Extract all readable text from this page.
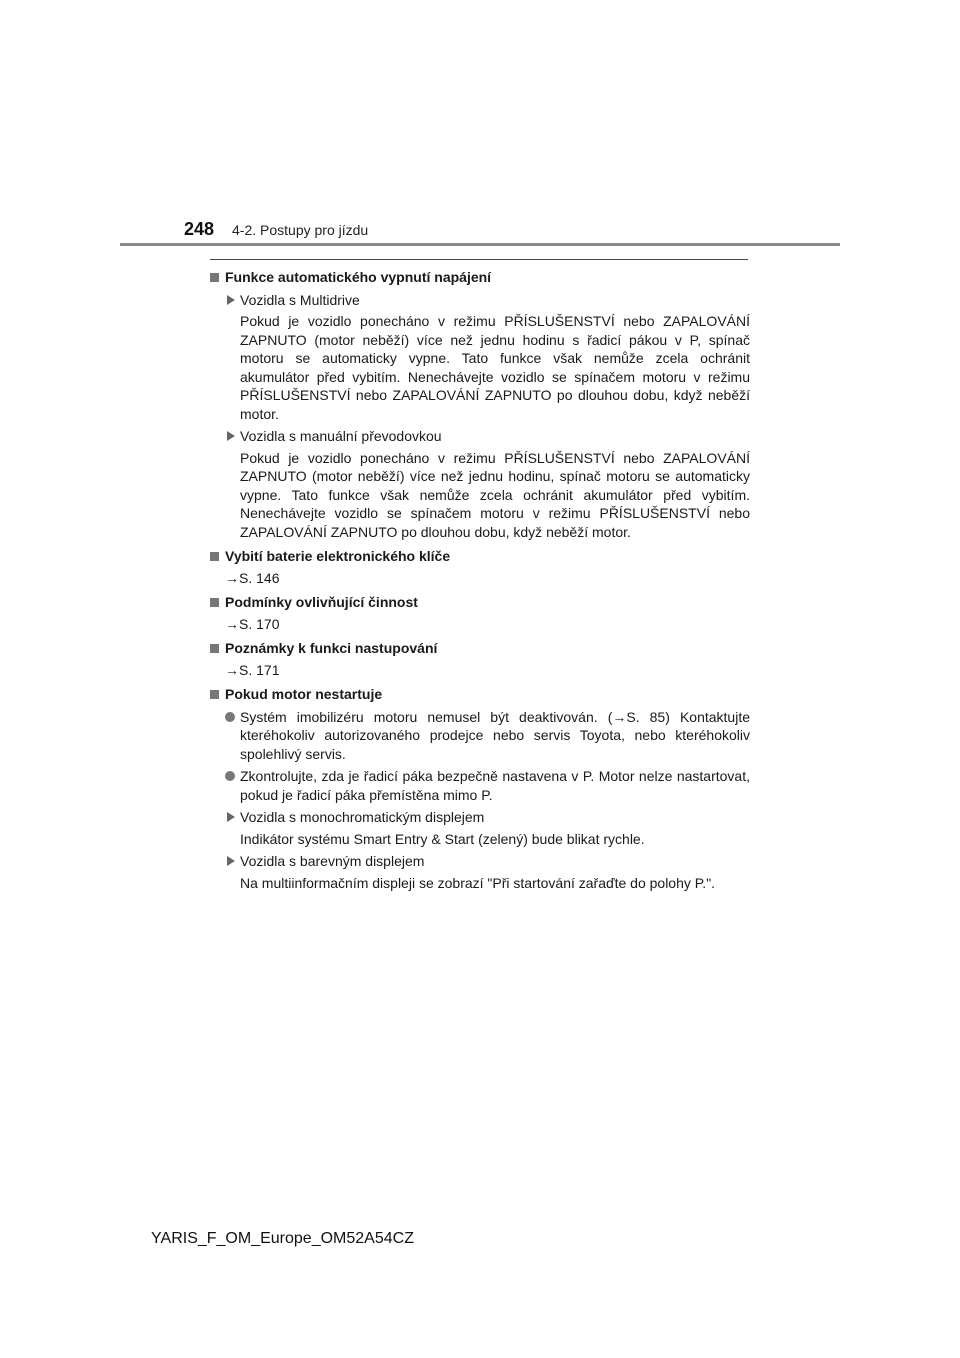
248 4-2. Postupy pro jízdu
Funkce automatického vypnutí napájení
Vozidla s Multidrive
Pokud je vozidlo ponecháno v režimu PŘÍSLUŠENSTVÍ nebo ZAPALOVÁNÍ ZAPNUTO (motor neběží) více než jednu hodinu s řadicí pákou v P, spínač motoru se automaticky vypne. Tato funkce však nemůže zcela ochránit akumulátor před vybitím. Nenechávejte vozidlo se spínačem motoru v režimu PŘÍSLUŠENSTVÍ nebo ZAPALOVÁNÍ ZAPNUTO po dlouhou dobu, když neběží motor.
Vozidla s manuální převodovkou
Pokud je vozidlo ponecháno v režimu PŘÍSLUŠENSTVÍ nebo ZAPALOVÁNÍ ZAPNUTO (motor neběží) více než jednu hodinu, spínač motoru se automaticky vypne. Tato funkce však nemůže zcela ochránit akumulátor před vybitím. Nenechávejte vozidlo se spínačem motoru v režimu PŘÍSLUŠENSTVÍ nebo ZAPALOVÁNÍ ZAPNUTO po dlouhou dobu, když neběží motor.
Vybití baterie elektronického klíče
→S. 146
Podmínky ovlivňující činnost
→S. 170
Poznámky k funkci nastupování
→S. 171
Pokud motor nestartuje
Systém imobilizéru motoru nemusel být deaktivován. (→S. 85) Kontaktujte kteréhokoliv autorizovaného prodejce nebo servis Toyota, nebo kteréhokoliv spolehlivý servis.
Zkontrolujte, zda je řadicí páka bezpečně nastavena v P. Motor nelze nastartovat, pokud je řadicí páka přemístěna mimo P.
Vozidla s monochromatickým displejem
Indikátor systému Smart Entry & Start (zelený) bude blikat rychle.
Vozidla s barevným displejem
Na multiinformačním displeji se zobrazí "Při startování zařaďte do polohy P.".
YARIS_F_OM_Europe_OM52A54CZ
